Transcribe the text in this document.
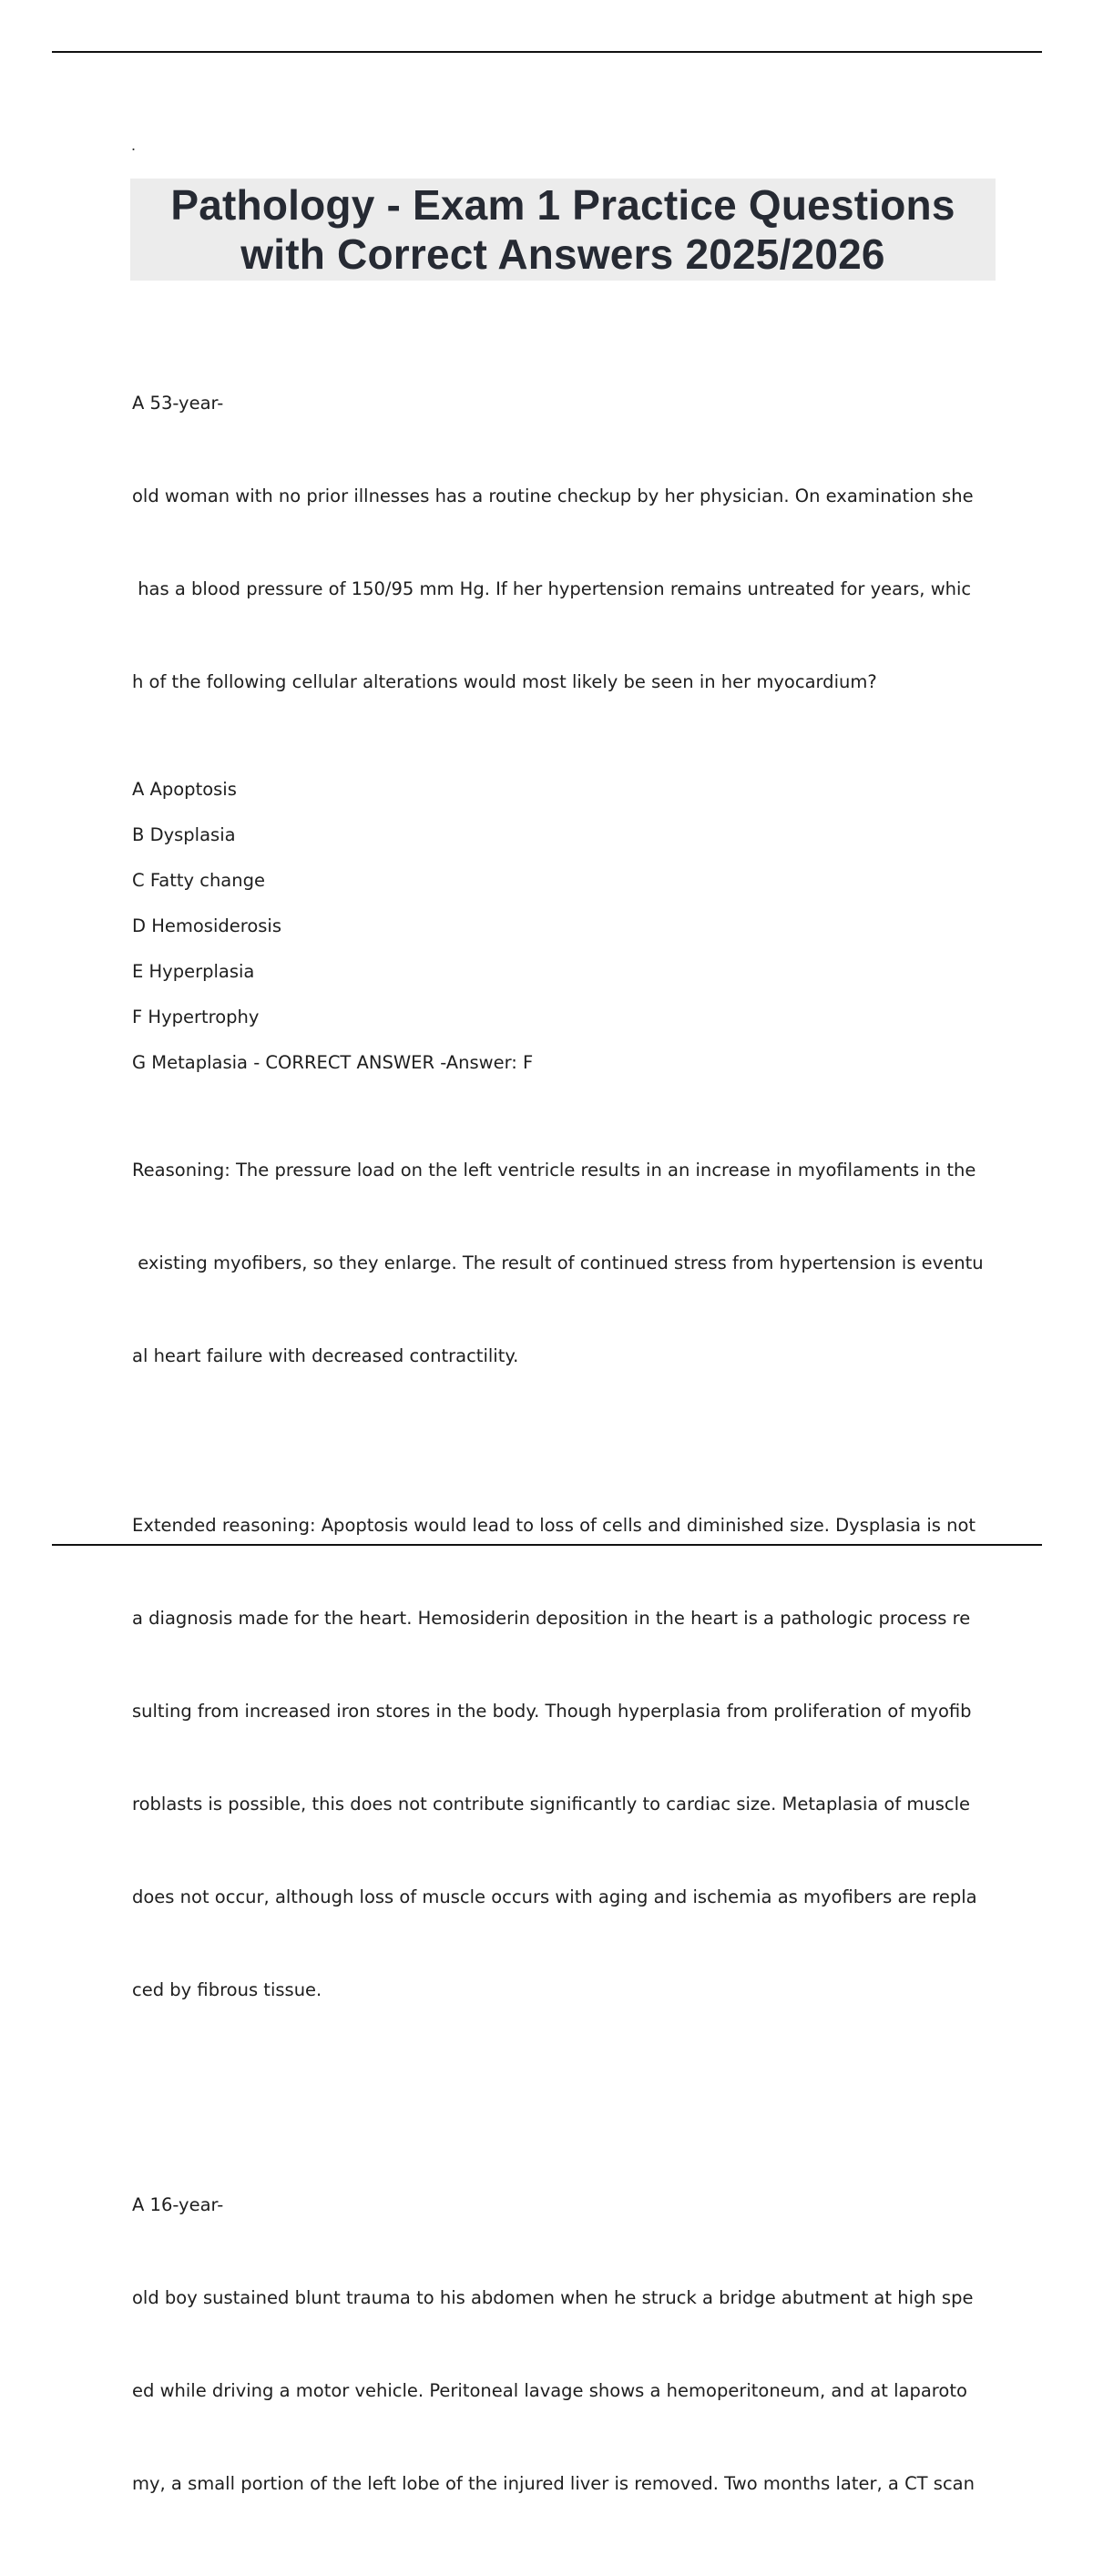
.
Pathology - Exam 1 Practice Questions
with Correct Answers 2025/2026

A 53-year-

old woman with no prior illnesses has a routine checkup by her physician. On examination she

has a blood pressure of 150/95 mm Hg. If her hypertension remains untreated for years, whic

h of the following cellular alterations would most likely be seen in her myocardium?

A Apoptosis
B Dysplasia
C Fatty change
D Hemosiderosis
E Hyperplasia
F Hypertrophy
G Metaplasia - CORRECT ANSWER -Answer: F

Reasoning: The pressure load on the left ventricle results in an increase in myofilaments in the

existing myofibers, so they enlarge. The result of continued stress from hypertension is eventu

al heart failure with decreased contractility.

Extended reasoning: Apoptosis would lead to loss of cells and diminished size. Dysplasia is not

a diagnosis made for the heart. Hemosiderin deposition in the heart is a pathologic process re

sulting from increased iron stores in the body. Though hyperplasia from proliferation of myofib

roblasts is possible, this does not contribute significantly to cardiac size. Metaplasia of muscle

does not occur, although loss of muscle occurs with aging and ischemia as myofibers are repla

ced by fibrous tissue.

A 16-year-

old boy sustained blunt trauma to his abdomen when he struck a bridge abutment at high spe

ed while driving a motor vehicle. Peritoneal lavage shows a hemoperitoneum, and at laparoto

my, a small portion of the left lobe of the injured liver is removed. Two months later, a CT scan
